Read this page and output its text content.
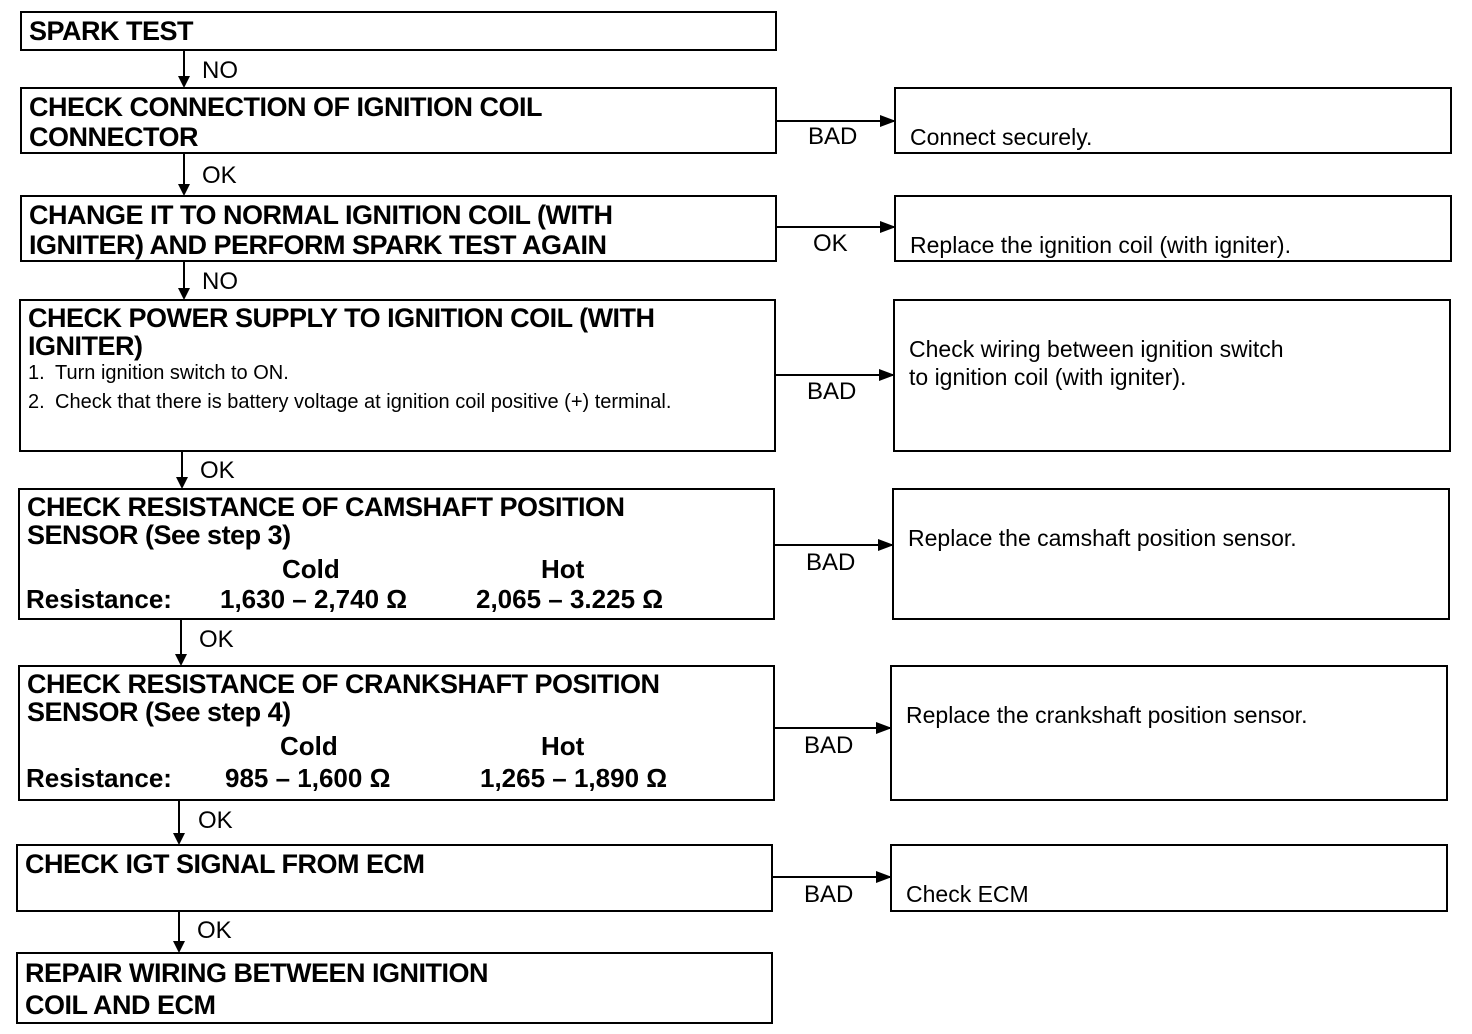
SPARK TEST

CHECK CONNECTION OF IGNITION COIL
CONNECTOR

CHANGE IT TO NORMAL IGNITION COIL (WITH
IGNITER) AND PERFORM SPARK TEST AGAIN

CHECK POWER SUPPLY TO IGNITION COIL (WITH
IGNITER)

1. Turn ignition switch to ON.

2. Check that there is battery voltage at ignition coil positive (+) terminal.

CHECK RESISTANCE OF CAMSHAFT POSITION
SENSOR (See step 3)

Cold	Hot
Resistance: 1,630 – 2,740 Ω	2,065 – 3.225 Ω

CHECK RESISTANCE OF CRANKSHAFT POSITION
SENSOR (See step 4)

Cold	Hot
Resistance: 985 – 1,600 Ω	1,265 – 1,890 Ω

CHECK IGT SIGNAL FROM ECM

REPAIR WIRING BETWEEN IGNITION
COIL AND ECM

NO
OK
NO
OK
OK
OK
OK
BAD	Connect securely.

OK	Replace the ignition coil (with igniter).

BAD

Check wiring between ignition switch
to ignition coil (with igniter).

BAD

Replace the camshaft position sensor.

BAD

Replace the crankshaft position sensor.

BAD	Check ECM
